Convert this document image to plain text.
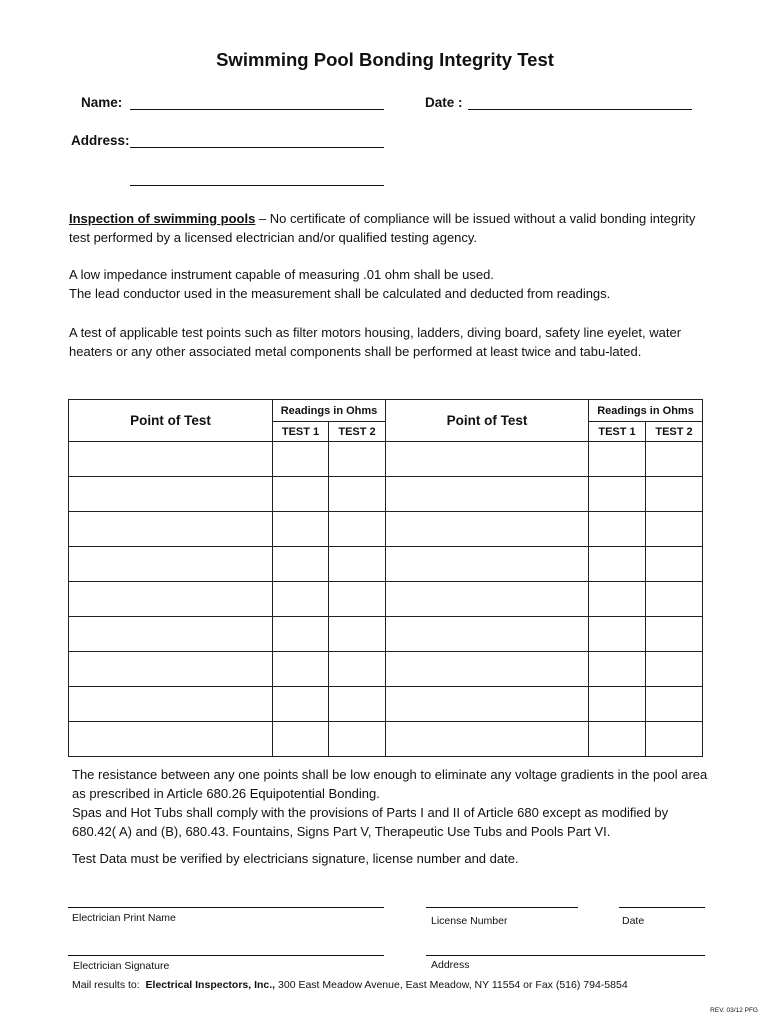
Swimming Pool Bonding Integrity Test
Name:	Date :
Address:
Inspection of swimming pools – No certificate of compliance will be issued without a valid bonding integrity test performed by a licensed electrician and/or qualified testing agency.
A low impedance instrument capable of measuring .01 ohm shall be used.
The lead conductor used in the measurement shall be calculated and deducted from readings.
A test of applicable test points such as filter motors housing, ladders, diving board, safety line eyelet, water heaters or any other associated metal components shall be performed at least twice and tabu-lated.
Point of Test	Readings in Ohms		Point of Test	Readings in Ohms	
	TEST 1	TEST 2		TEST 1	TEST 2

The resistance between any one points shall be low enough to eliminate any voltage gradients in the pool area as prescribed in Article 680.26 Equipotential Bonding.
Spas and Hot Tubs shall comply with the provisions of Parts I and II of Article 680 except as modified by 680.42( A) and (B), 680.43. Fountains, Signs Part V, Therapeutic Use Tubs and Pools Part VI.
Test Data must be verified by electricians signature, license number and date.
Electrician Print Name	License Number	Date
Electrician Signature	Address
Mail results to:  Electrical Inspectors, Inc., 300 East Meadow Avenue, East Meadow, NY 11554 or Fax (516) 794-5854
REV. 03/12 PFG
